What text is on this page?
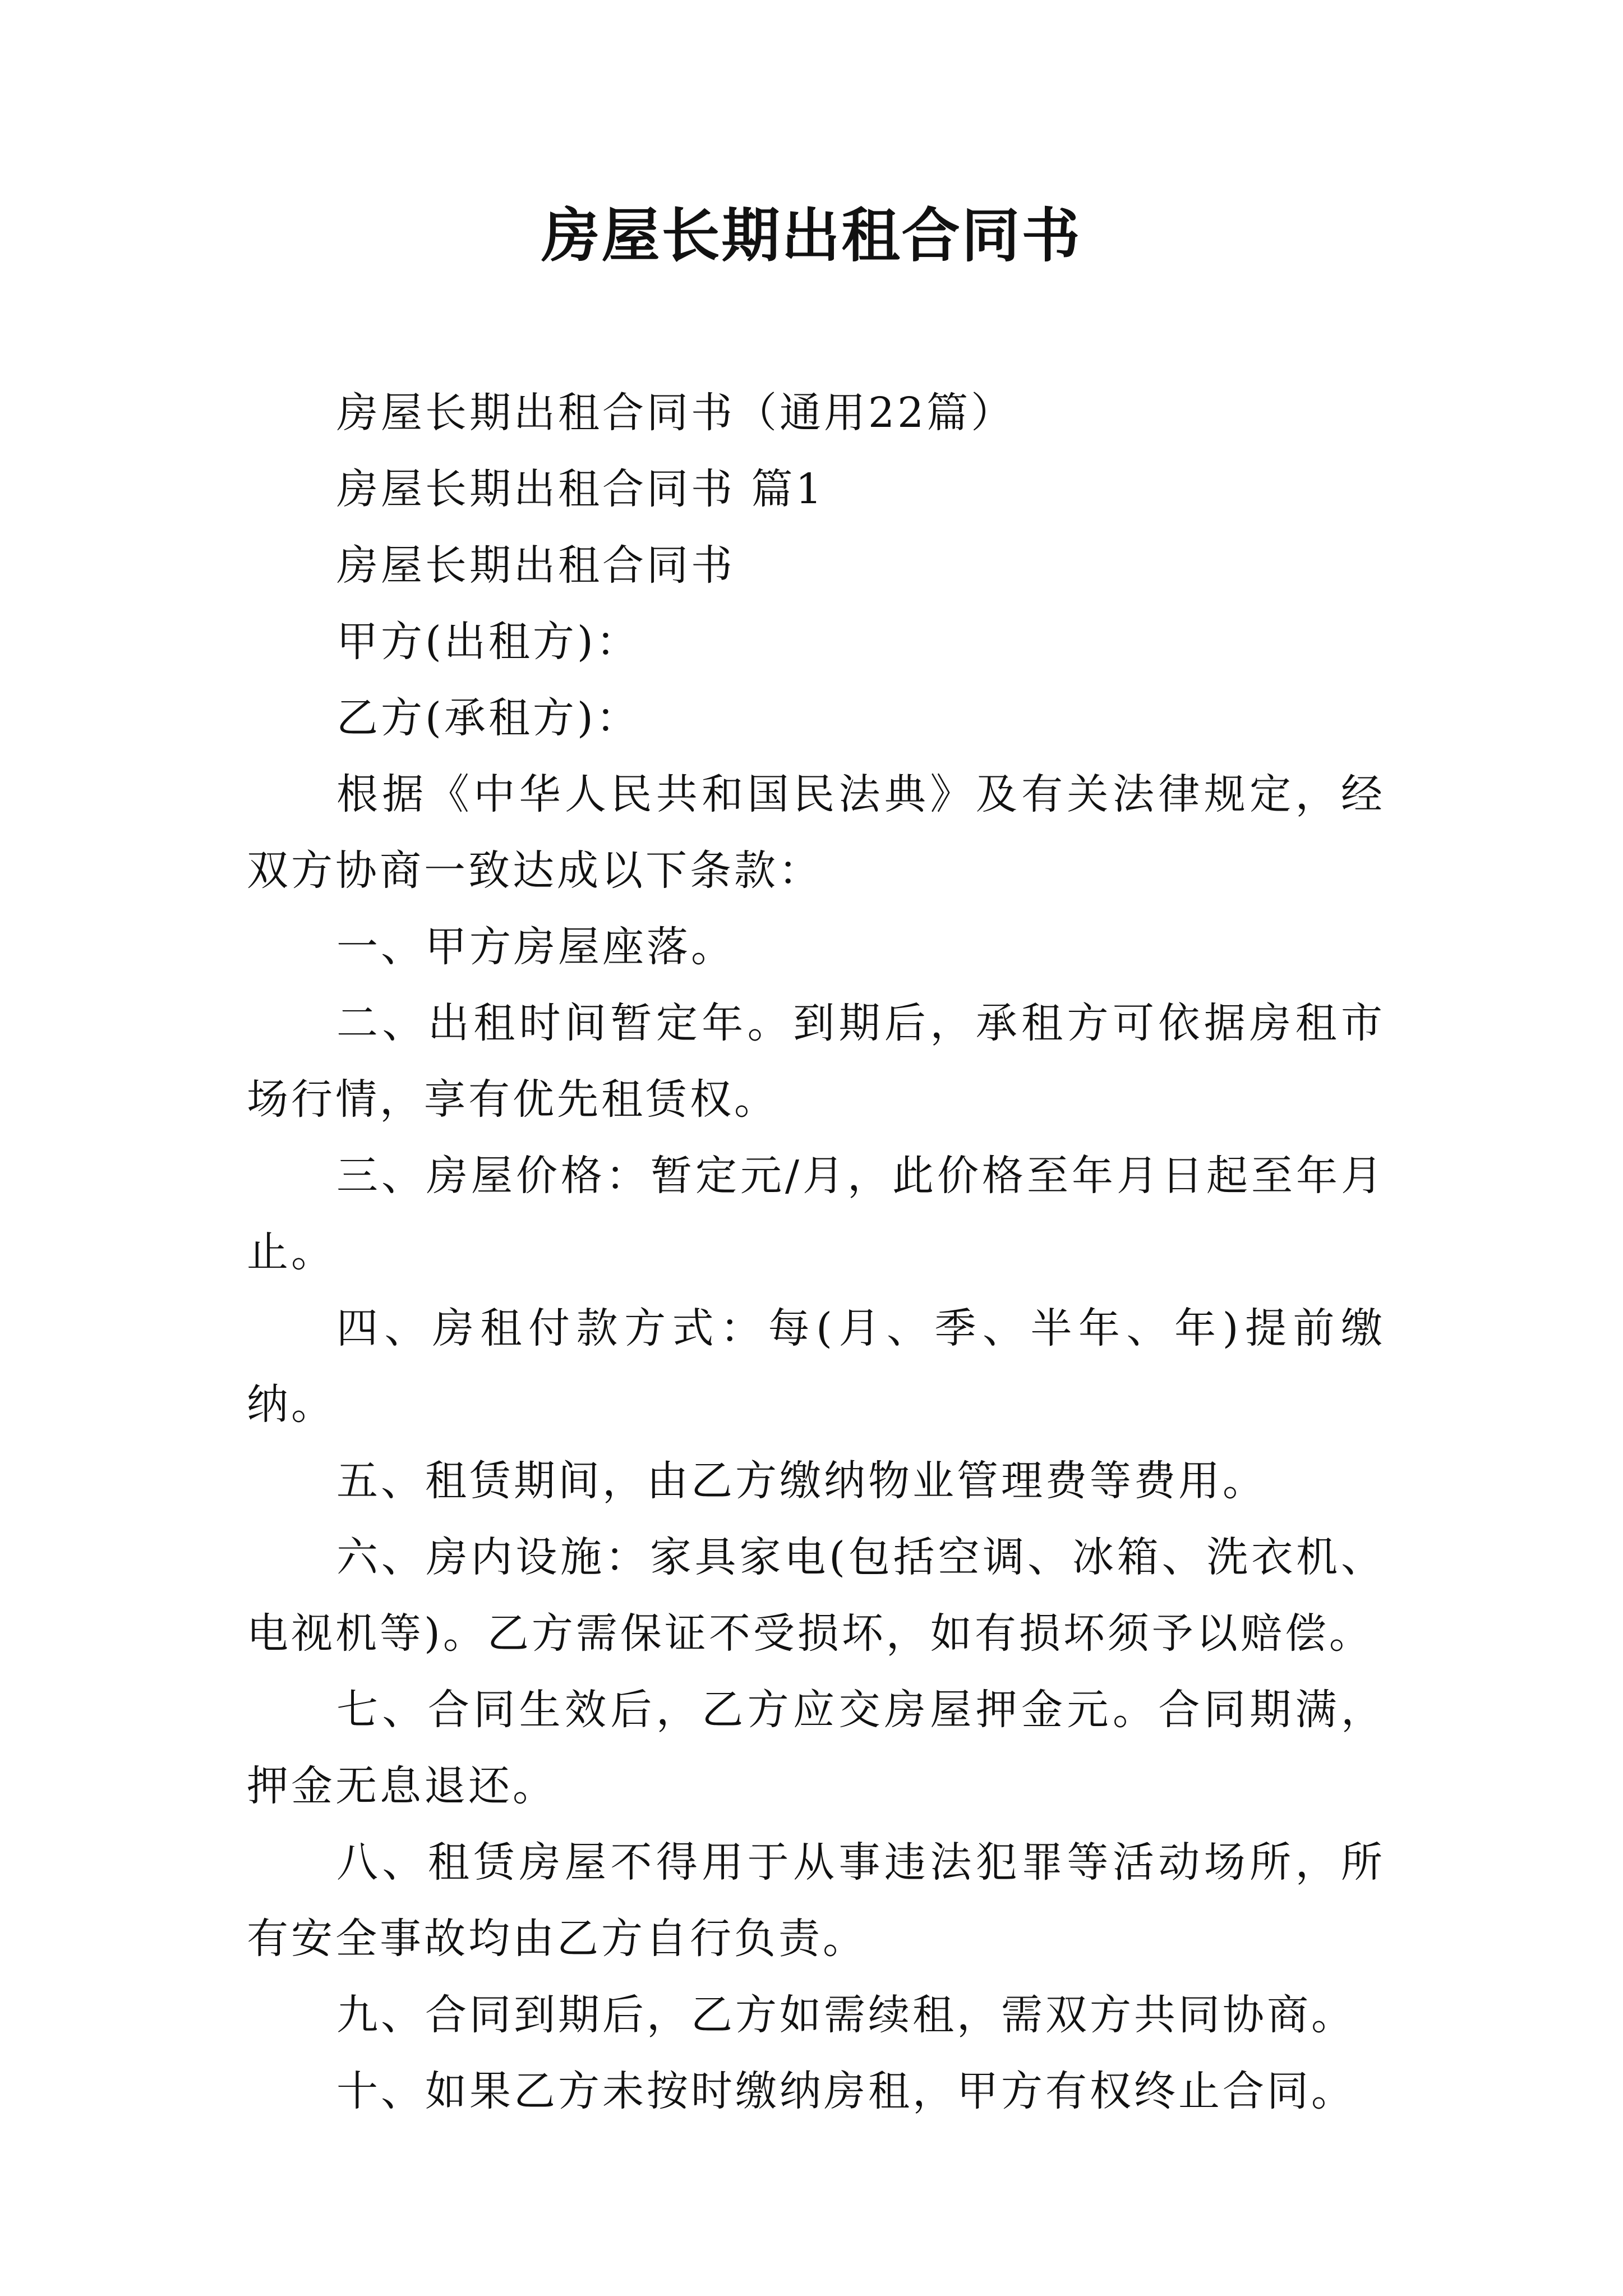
房屋长期出租合同书

房屋长期出租合同书（通用22篇）

房屋长期出租合同书 篇1

房屋长期出租合同书

甲方(出租方)：

乙方(承租方)：

根据《中华人民共和国民法典》及有关法律规定，经双方协商一致达成以下条款：

一、甲方房屋座落。

二、出租时间暂定年。到期后，承租方可依据房租市场行情，享有优先租赁权。

三、房屋价格：暂定元/月，此价格至年月日起至年月止。

四、房租付款方式：每(月、季、半年、年)提前缴纳。

五、租赁期间，由乙方缴纳物业管理费等费用。

六、房内设施：家具家电(包括空调、冰箱、洗衣机、电视机等)。乙方需保证不受损坏，如有损坏须予以赔偿。

七、合同生效后，乙方应交房屋押金元。合同期满，押金无息退还。

八、租赁房屋不得用于从事违法犯罪等活动场所，所有安全事故均由乙方自行负责。

九、合同到期后，乙方如需续租，需双方共同协商。

十、如果乙方未按时缴纳房租，甲方有权终止合同。
